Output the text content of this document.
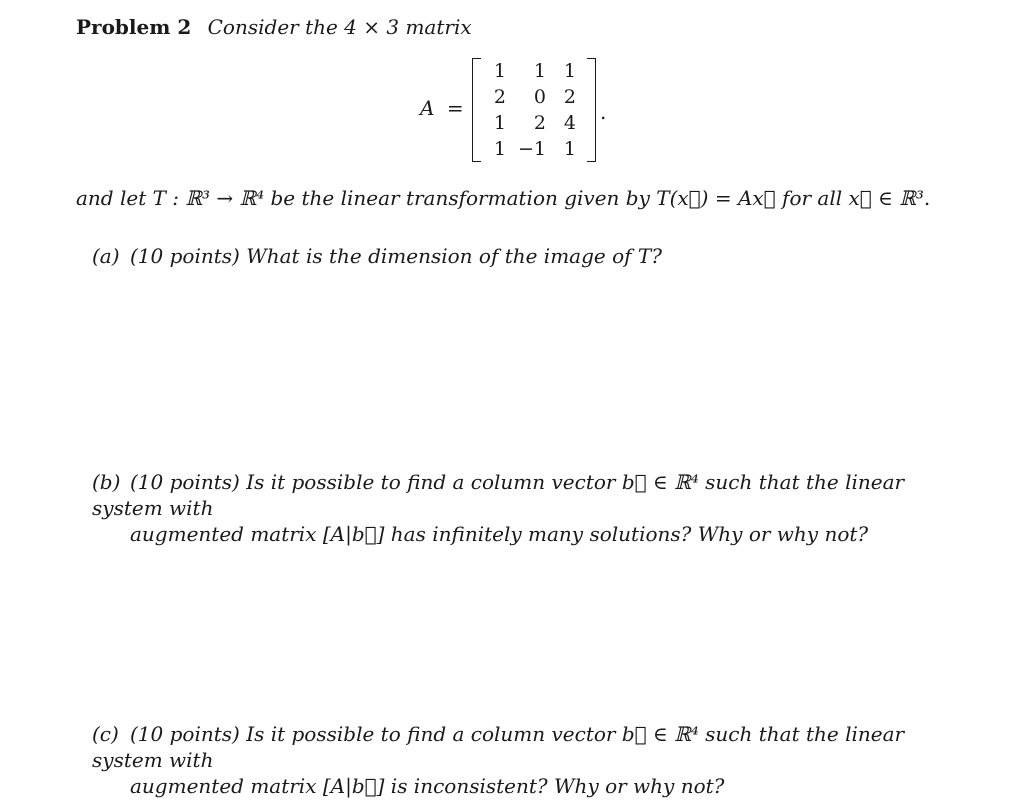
Problem 2 Consider the 4 × 3 matrix
A =
1	1 1
2	0 2
1	2 4
1 −1 1
.
and let T : ℝ³ → ℝ⁴ be the linear transformation given by T(x⃗) = Ax⃗ for all x⃗ ∈ ℝ³.
(a) (10 points) What is the dimension of the image of T?
(b) (10 points) Is it possible to find a column vector b⃗ ∈ ℝ⁴ such that the linear system with
augmented matrix [A|b⃗] has infinitely many solutions? Why or why not?
(c) (10 points) Is it possible to find a column vector b⃗ ∈ ℝ⁴ such that the linear system with
augmented matrix [A|b⃗] is inconsistent? Why or why not?
